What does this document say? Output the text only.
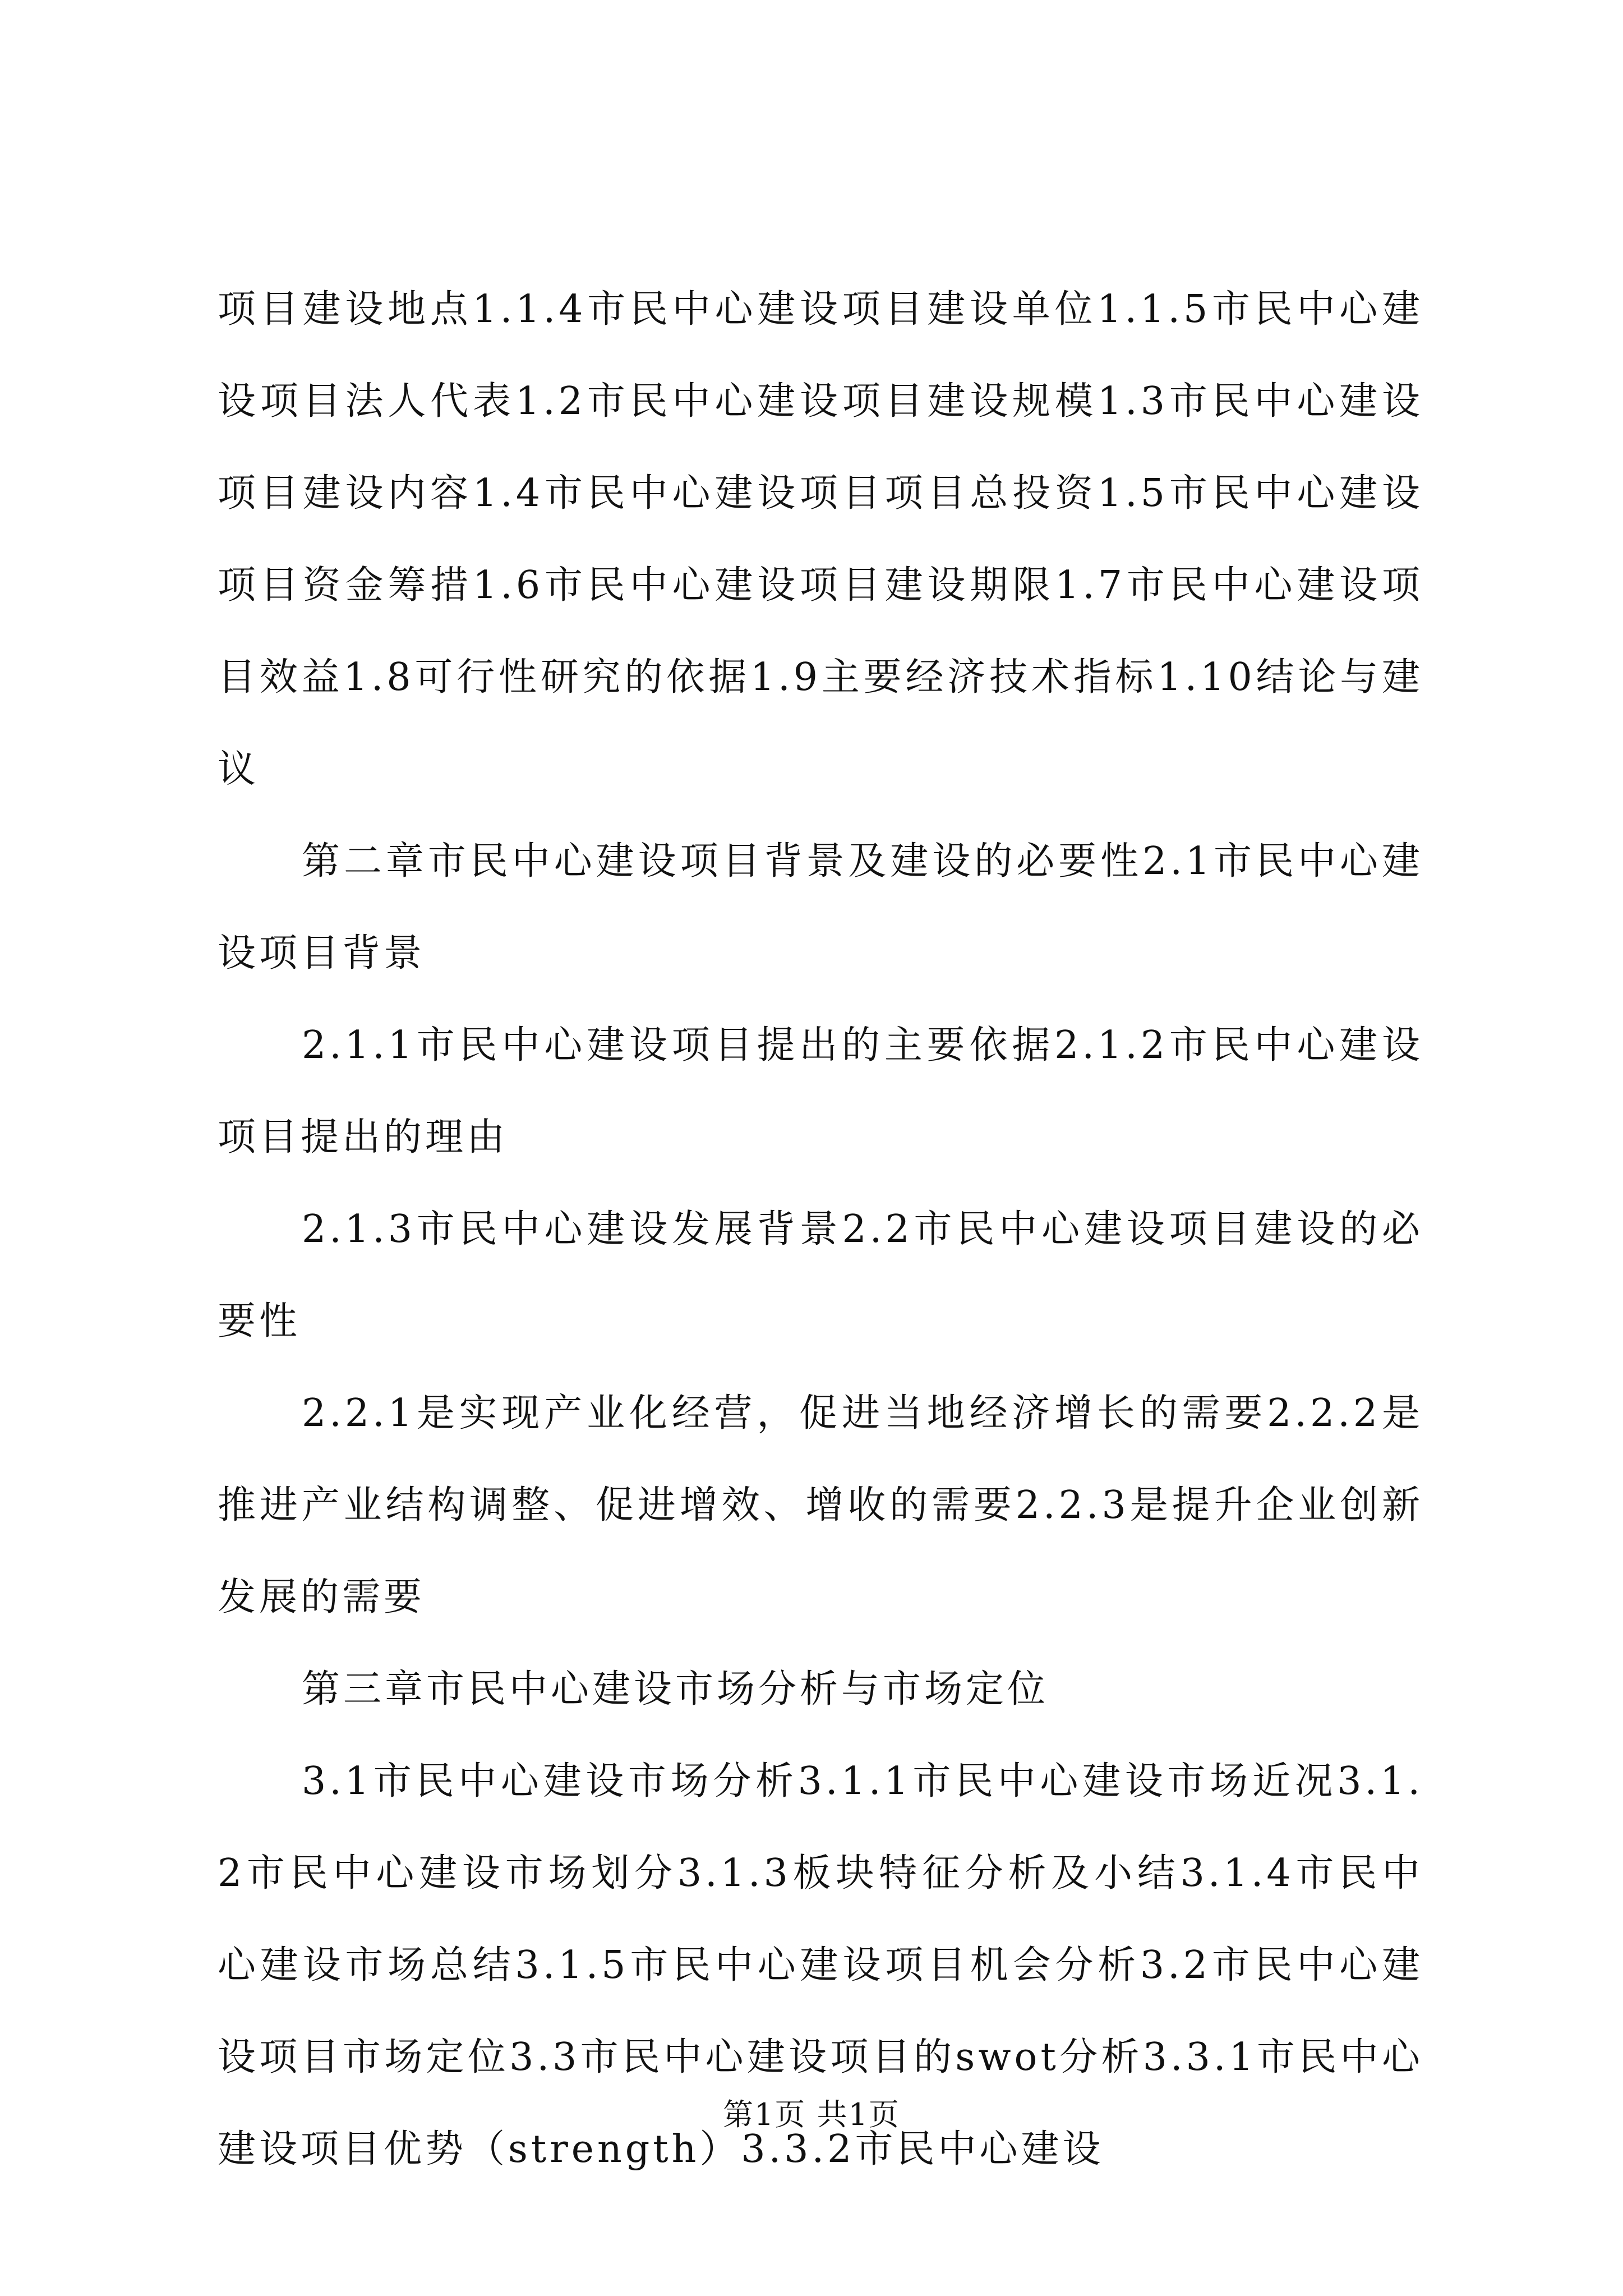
项目建设地点1.1.4市民中心建设项目建设单位1.1.5市民中心建设项目法人代表1.2市民中心建设项目建设规模1.3市民中心建设项目建设内容1.4市民中心建设项目项目总投资1.5市民中心建设项目资金筹措1.6市民中心建设项目建设期限1.7市民中心建设项目效益1.8可行性研究的依据1.9主要经济技术指标1.10结论与建议

第二章市民中心建设项目背景及建设的必要性2.1市民中心建设项目背景

2.1.1市民中心建设项目提出的主要依据2.1.2市民中心建设项目提出的理由

2.1.3市民中心建设发展背景2.2市民中心建设项目建设的必要性

2.2.1是实现产业化经营，促进当地经济增长的需要2.2.2是推进产业结构调整、促进增效、增收的需要2.2.3是提升企业创新发展的需要

第三章市民中心建设市场分析与市场定位

3.1市民中心建设市场分析3.1.1市民中心建设市场近况3.1.2市民中心建设市场划分3.1.3板块特征分析及小结3.1.4市民中心建设市场总结3.1.5市民中心建设项目机会分析3.2市民中心建设项目市场定位3.3市民中心建设项目的swot分析3.3.1市民中心建设项目优势（strength）3.3.2市民中心建设

第1页 共1页
